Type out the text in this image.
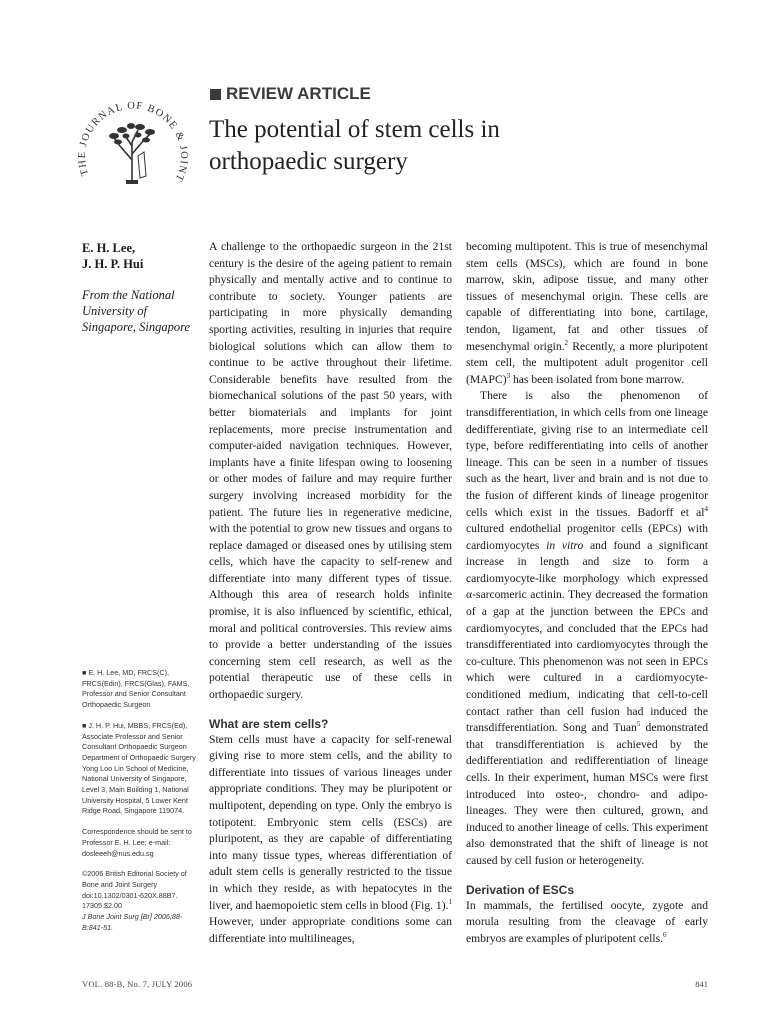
THE JOURNAL OF BONE & JOINT
REVIEW ARTICLE
The potential of stem cells in
orthopaedic surgery
E. H. Lee,
J. H. P. Hui
From the National University of Singapore, Singapore

■ E. H. Lee, MD, FRCS(C), FRCS(Edin), FRCS(Glas), FAMS, Professor and Senior Consultant Orthopaedic Surgeon

■ J. H. P. Hui, MBBS, FRCS(Ed), Associate Professor and Senior Consultant Orthopaedic Surgeon
Department of Orthopaedic Surgery
Yong Loo Lin School of Medicine, National University of Singapore, Level 3, Main Building 1, National University Hospital, 5 Lower Kent Ridge Road, Singapore 119074.

Correspondence should be sent to Professor E. H. Lee; e-mail: dosleeeh@nus.edu.sg

©2006 British Editorial Society of Bone and Joint Surgery
doi:10.1302/0301-620X.88B7.
17305 $2.00

J Bone Joint Surg [Br] 2006;88-B:841-51.

A challenge to the orthopaedic surgeon in the 21st century is the desire of the ageing patient to remain physically and mentally active and to continue to contribute to society. Younger patients are participating in more physically demanding sporting activities, resulting in injuries that require biological solutions which can allow them to continue to be active throughout their lifetime. Considerable benefits have resulted from the biomechanical solutions of the past 50 years, with better biomaterials and implants for joint replacements, more precise instrumentation and computer-aided navigation techniques. However, implants have a finite lifespan owing to loosening or other modes of failure and may require further surgery involving increased morbidity for the patient. The future lies in regenerative medicine, with the potential to grow new tissues and organs to replace damaged or diseased ones by utilising stem cells, which have the capacity to self-renew and differentiate into many different types of tissue. Although this area of research holds infinite promise, it is also influenced by scientific, ethical, moral and political controversies. This review aims to provide a better understanding of the issues concerning stem cell research, as well as the potential therapeutic use of these cells in orthopaedic surgery.

What are stem cells?

Stem cells must have a capacity for self-renewal giving rise to more stem cells, and the ability to differentiate into tissues of various lineages under appropriate conditions. They may be pluripotent or multipotent, depending on type. Only the embryo is totipotent. Embryonic stem cells (ESCs) are pluripotent, as they are capable of differentiating into many tissue types, whereas differentiation of adult stem cells is generally restricted to the tissue in which they reside, as with hepatocytes in the liver, and haemopoietic stem cells in blood (Fig. 1).$^1$ However, under appropriate conditions some can differentiate into multilineages,

becoming multipotent. This is true of mesenchymal stem cells (MSCs), which are found in bone marrow, skin, adipose tissue, and many other tissues of mesenchymal origin. These cells are capable of differentiating into bone, cartilage, tendon, ligament, fat and other tissues of mesenchymal origin.$^2$ Recently, a more pluripotent stem cell, the multipotent adult progenitor cell (MAPC)$^3$ has been isolated from bone marrow.

There is also the phenomenon of transdifferentiation, in which cells from one lineage dedifferentiate, giving rise to an intermediate cell type, before redifferentiating into cells of another lineage. This can be seen in a number of tissues such as the heart, liver and brain and is not due to the fusion of different kinds of lineage progenitor cells which exist in the tissues. Badorff et $al^4$ cultured endothelial progenitor cells (EPCs) with cardiomyocytes in vitro and found a significant increase in length and size to form a cardiomyocyte-like morphology which expressed α-sarcomeric actinin. They decreased the formation of a gap at the junction between the EPCs and cardiomyocytes, and concluded that the EPCs had transdifferentiated into cardiomyocytes through the co-culture. This phenomenon was not seen in EPCs which were cultured in a cardiomyocyte-conditioned medium, indicating that cell-to-cell contact rather than cell fusion had induced the transdifferentiation. Song and Tuan$^5$ demonstrated that transdifferentiation is achieved by the dedifferentiation and redifferentiation of lineage cells. In their experiment, human MSCs were first introduced into osteo-, chondro- and adipo-lineages. They were then cultured, grown, and induced to another lineage of cells. This experiment also demonstrated that the shift of lineage is not caused by cell fusion or heterogeneity.

Derivation of ESCs

In mammals, the fertilised oocyte, zygote and morula resulting from the cleavage of early embryos are examples of pluripotent cells.$^6$

VOL. 88-B, No. 7, JULY 2006	841
